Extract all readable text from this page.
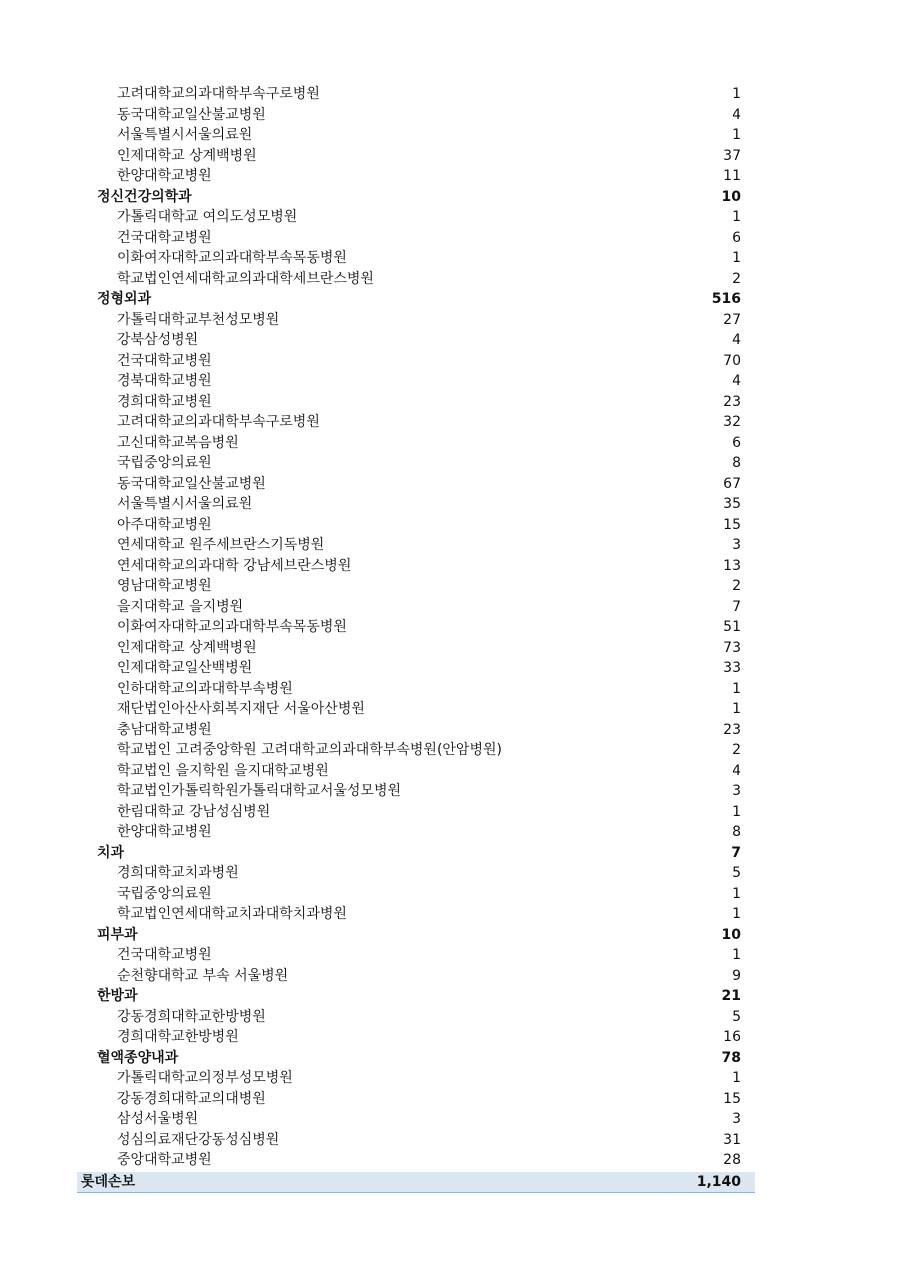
고려대학교의과대학부속구로병원	1
동국대학교일산불교병원	4
서울특별시서울의료원	1
인제대학교 상계백병원	37
한양대학교병원	11
정신건강의학과	10
가톨릭대학교 여의도성모병원	1
건국대학교병원	6
이화여자대학교의과대학부속목동병원	1
학교법인연세대학교의과대학세브란스병원	2
정형외과	516
가톨릭대학교부천성모병원	27
강북삼성병원	4
건국대학교병원	70
경북대학교병원	4
경희대학교병원	23
고려대학교의과대학부속구로병원	32
고신대학교복음병원	6
국립중앙의료원	8
동국대학교일산불교병원	67
서울특별시서울의료원	35
아주대학교병원	15
연세대학교 원주세브란스기독병원	3
연세대학교의과대학 강남세브란스병원	13
영남대학교병원	2
을지대학교 을지병원	7
이화여자대학교의과대학부속목동병원	51
인제대학교 상계백병원	73
인제대학교일산백병원	33
인하대학교의과대학부속병원	1
재단법인아산사회복지재단 서울아산병원	1
충남대학교병원	23
학교법인 고려중앙학원 고려대학교의과대학부속병원(안암병원)	2
학교법인 을지학원 을지대학교병원	4
학교법인가톨릭학원가톨릭대학교서울성모병원	3
한림대학교 강남성심병원	1
한양대학교병원	8
치과	7
경희대학교치과병원	5
국립중앙의료원	1
학교법인연세대학교치과대학치과병원	1
피부과	10
건국대학교병원	1
순천향대학교 부속 서울병원	9
한방과	21
강동경희대학교한방병원	5
경희대학교한방병원	16
혈액종양내과	78
가톨릭대학교의정부성모병원	1
강동경희대학교의대병원	15
삼성서울병원	3
성심의료재단강동성심병원	31
중앙대학교병원	28
롯데손보	1,140
